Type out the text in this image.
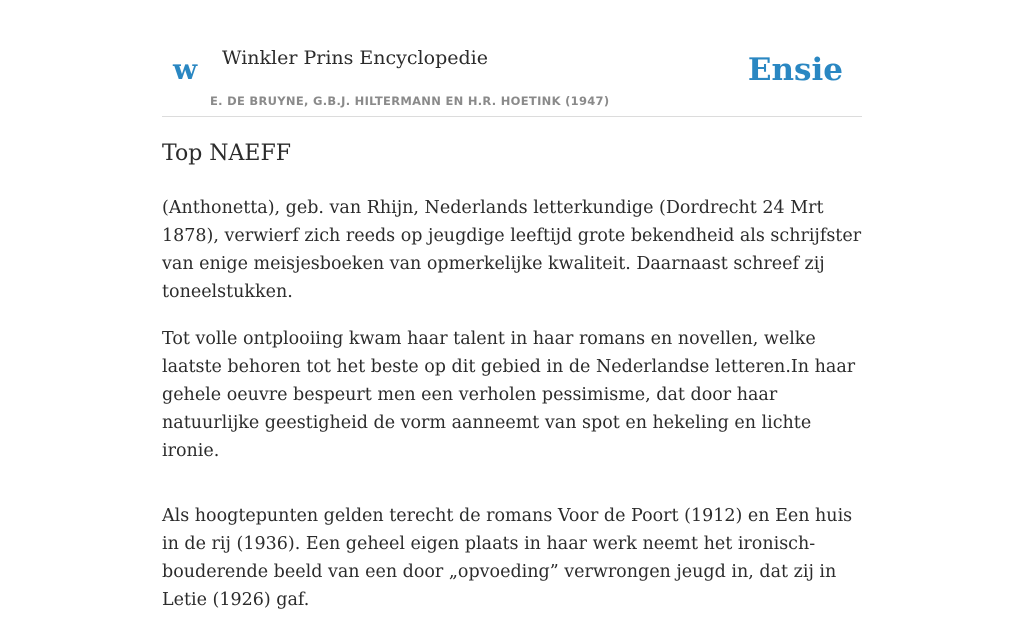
w Winkler Prins Encyclopedie
E. DE BRUYNE, G.B.J. HILTERMANN EN H.R. HOETINK (1947)
Ensie
Top NAEFF

(Anthonetta), geb. van Rhijn, Nederlands letterkundige (Dordrecht 24 Mrt 1878), verwierf zich reeds op jeugdige leeftijd grote bekendheid als schrijfster van enige meisjesboeken van opmerkelijke kwaliteit. Daarnaast schreef zij toneelstukken.

Tot volle ontplooiing kwam haar talent in haar romans en novellen, welke laatste behoren tot het beste op dit gebied in de Nederlandse letteren.In haar gehele oeuvre bespeurt men een verholen pessimisme, dat door haar natuurlijke geestigheid de vorm aanneemt van spot en hekeling en lichte ironie.

Als hoogtepunten gelden terecht de romans Voor de Poort (1912) en Een huis in de rij (1936). Een geheel eigen plaats in haar werk neemt het ironisch-bouderende beeld van een door „opvoeding” verwrongen jeugd in, dat zij in Letie (1926) gaf.
